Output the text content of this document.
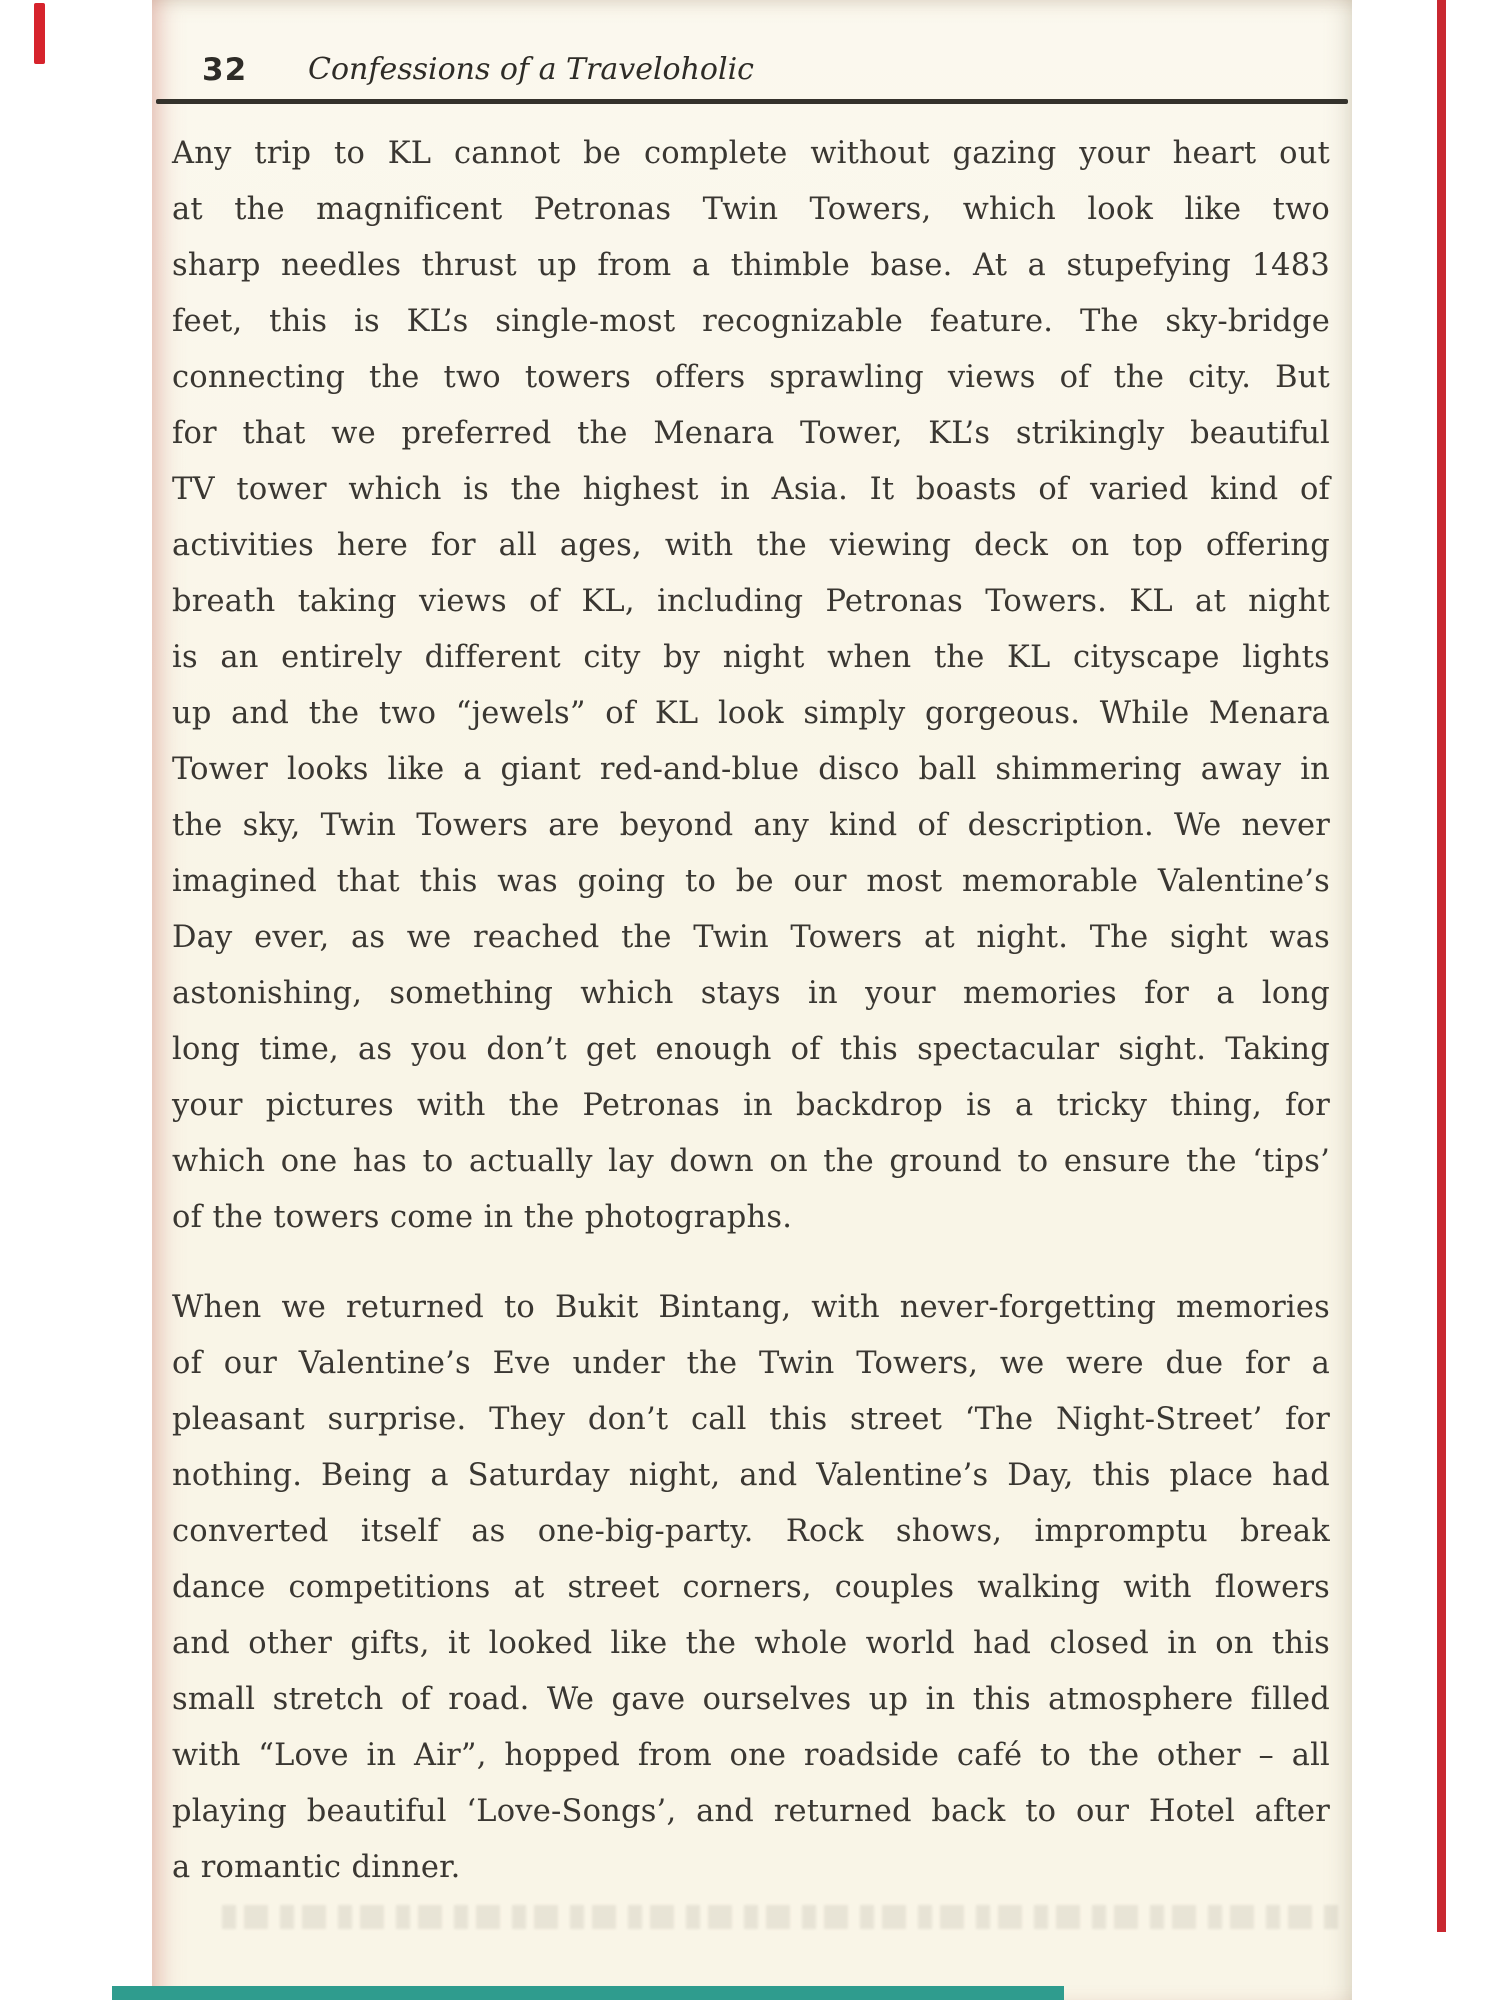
32 Confessions of a Traveloholic
Any trip to KL cannot be complete without gazing your heart out
at the magnificent Petronas Twin Towers, which look like two
sharp needles thrust up from a thimble base. At a stupefying 1483
feet, this is KL’s single-most recognizable feature. The sky-bridge
connecting the two towers offers sprawling views of the city. But
for that we preferred the Menara Tower, KL’s strikingly beautiful
TV tower which is the highest in Asia. It boasts of varied kind of
activities here for all ages, with the viewing deck on top offering
breath taking views of KL, including Petronas Towers. KL at night
is an entirely different city by night when the KL cityscape lights
up and the two “jewels” of KL look simply gorgeous. While Menara
Tower looks like a giant red-and-blue disco ball shimmering away in
the sky, Twin Towers are beyond any kind of description. We never
imagined that this was going to be our most memorable Valentine’s
Day ever, as we reached the Twin Towers at night. The sight was
astonishing, something which stays in your memories for a long
long time, as you don’t get enough of this spectacular sight. Taking
your pictures with the Petronas in backdrop is a tricky thing, for
which one has to actually lay down on the ground to ensure the ‘tips’
of the towers come in the photographs.
When we returned to Bukit Bintang, with never-forgetting memories
of our Valentine’s Eve under the Twin Towers, we were due for a
pleasant surprise. They don’t call this street ‘The Night-Street’ for
nothing. Being a Saturday night, and Valentine’s Day, this place had
converted itself as one-big-party. Rock shows, impromptu break
dance competitions at street corners, couples walking with flowers
and other gifts, it looked like the whole world had closed in on this
small stretch of road. We gave ourselves up in this atmosphere filled
with “Love in Air”, hopped from one roadside café to the other – all
playing beautiful ‘Love-Songs’, and returned back to our Hotel after
a romantic dinner.
